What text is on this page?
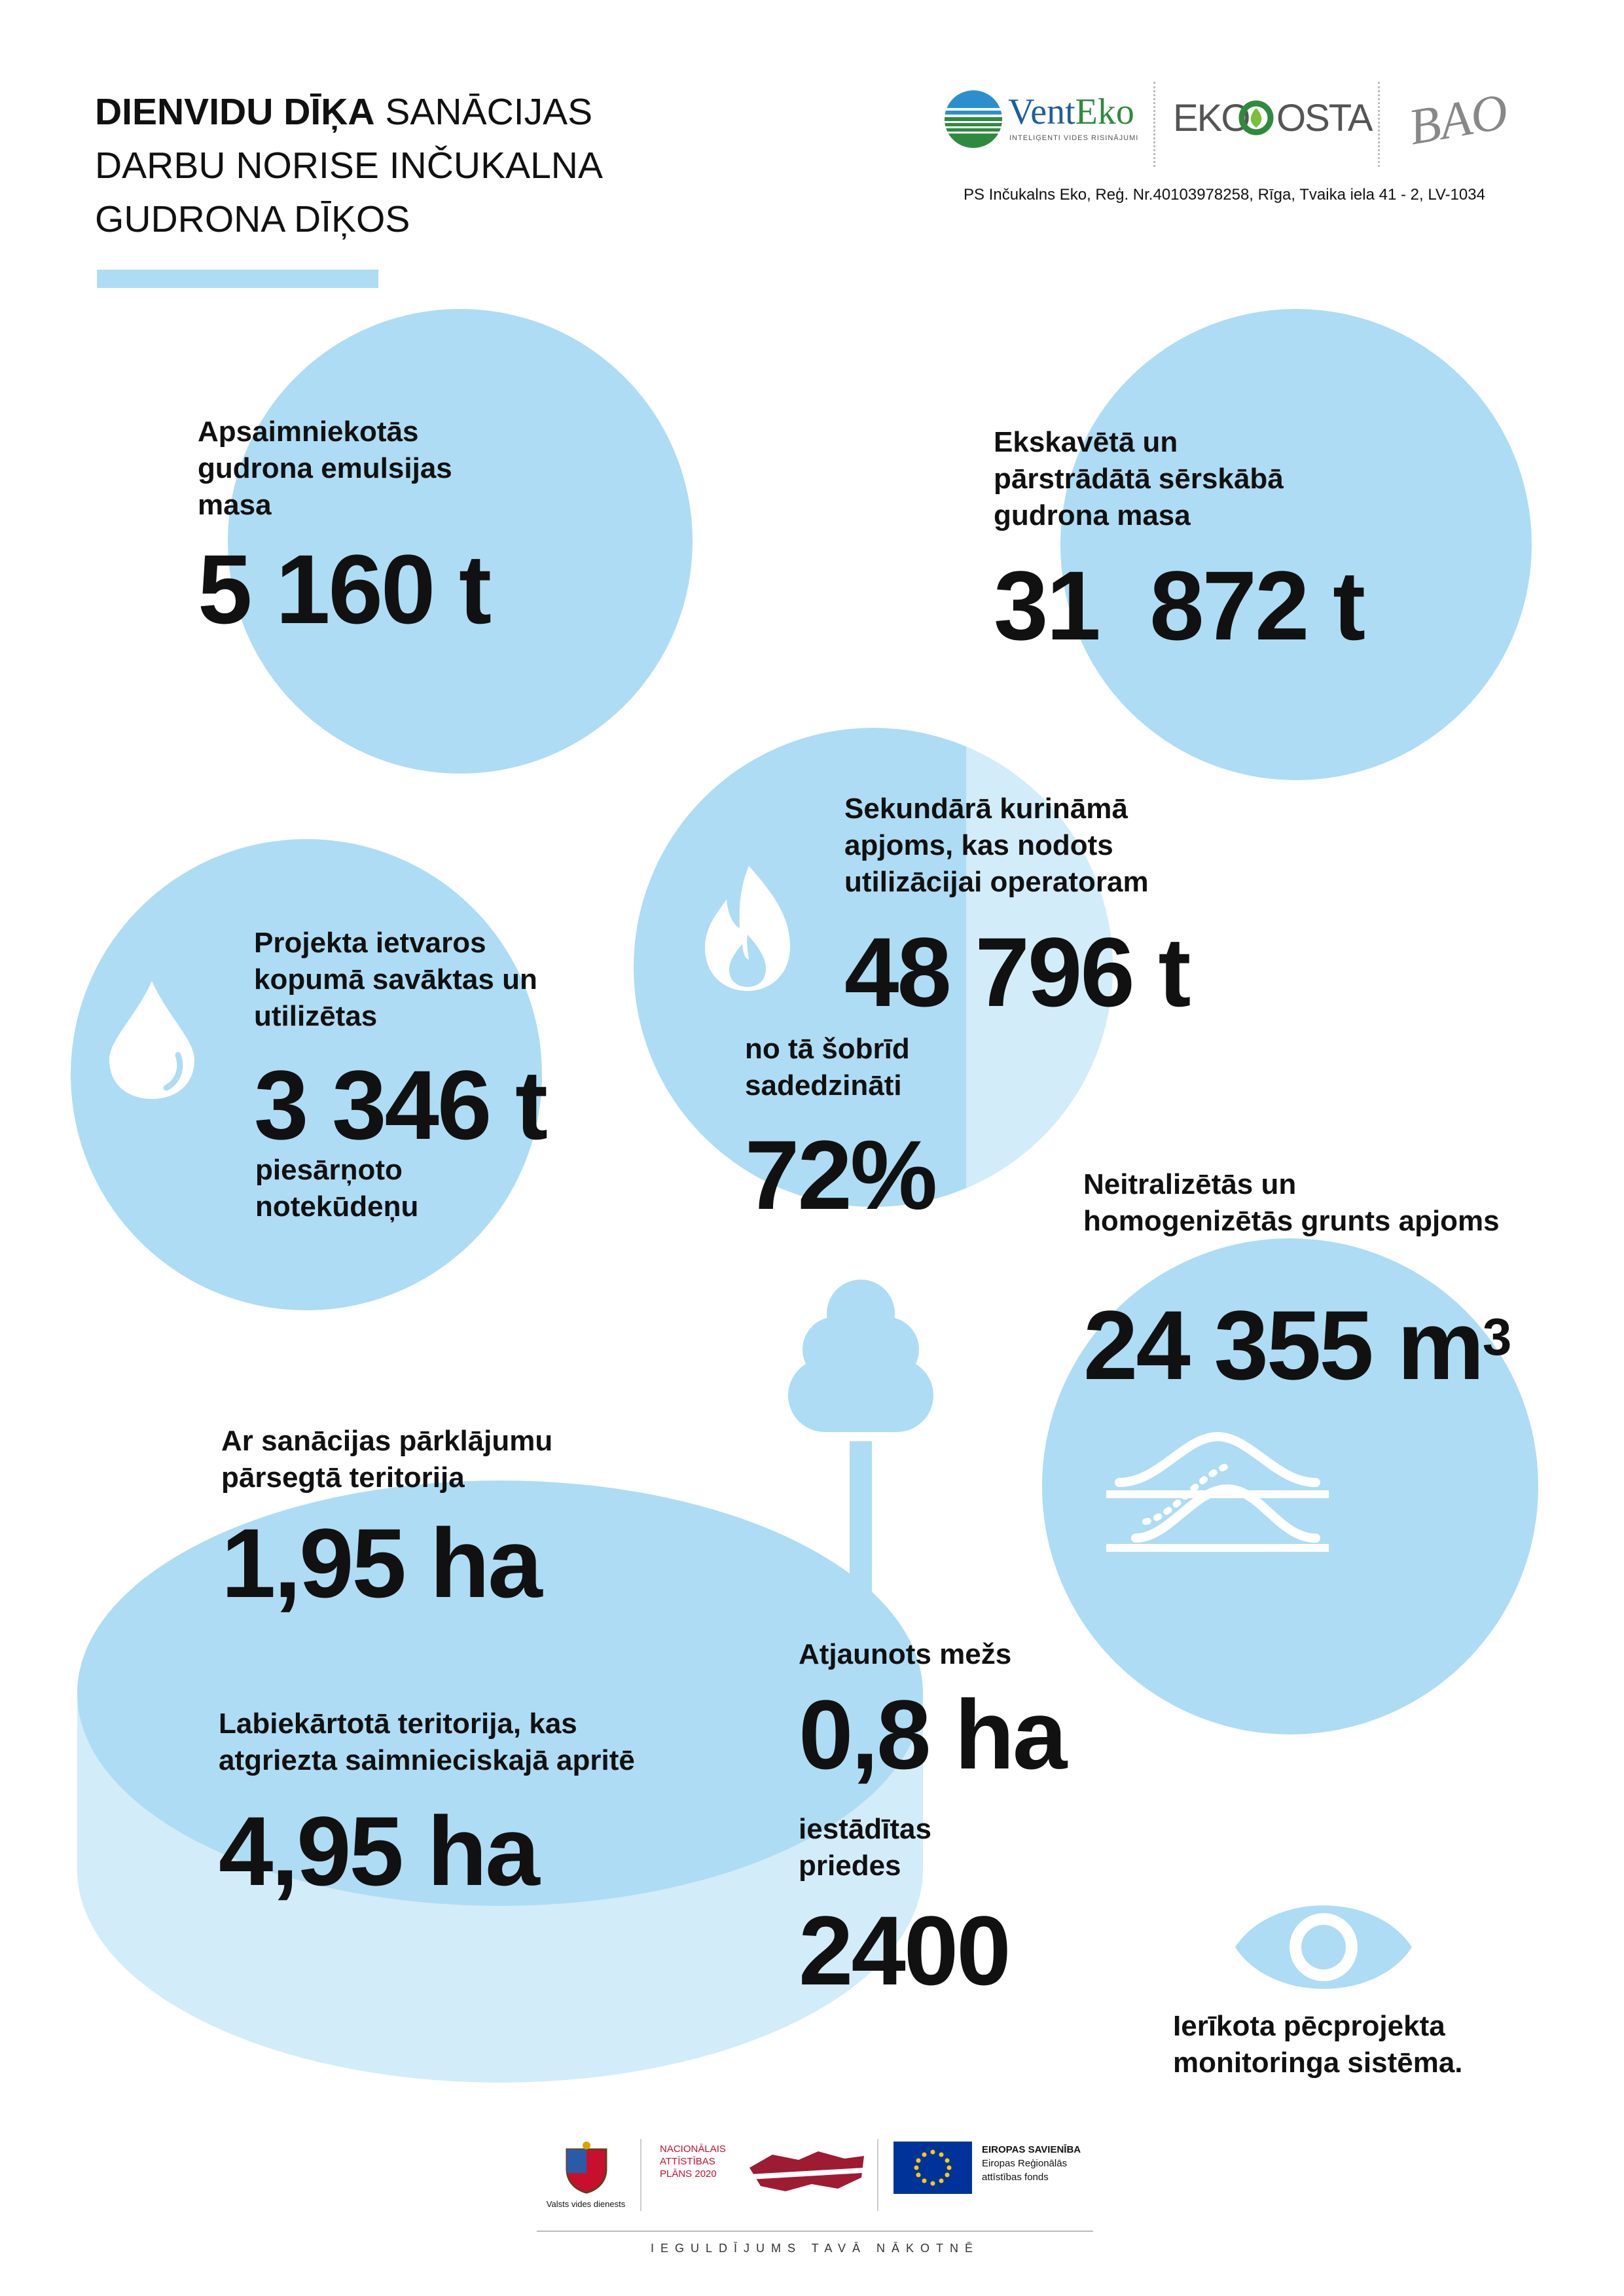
DIENVIDU DĪĶA SANĀCIJAS
DARBU NORISE INČUKALNA
GUDRONA DĪĶOS
VentEko
INTELIĢENTI VIDES RISINĀJUMI EKO OSTA BAO
PS Inčukalns Eko, Reģ. Nr.40103978258, Rīga, Tvaika iela 41 - 2, LV-1034
Apsaimniekotās gudrona emulsijas masa
5 160 t
Ekskavētā un pārstrādātā sērskābā gudrona masa
31  872 t
Sekundārā kurināmā apjoms, kas nodots utilizācijai operatoram
48 796 t
no tā šobrīd sadedzināti
72%
Projekta ietvaros kopumā savāktas un utilizētas
3 346 t
piesārņoto notekūdeņu
Neitralizētās un homogenizētās grunts apjoms
24 355 $m^3$
Ar sanācijas pārklājumu pārsegtā teritorija
1,95 ha
Labiekārtotā teritorija, kas atgriezta saimnieciskajā apritē
4,95 ha
Atjaunots mežs
0,8 ha
iestādītas priedes
2400
Ierīkota pēcprojekta monitoringa sistēma.
Valsts vides dienests
NACIONĀLAIS
ATTĪSTĪBAS
PLĀNS 2020
EIROPAS SAVIENĪBA
Eiropas Reģionālās
attīstības fonds
IEGULDĪJUMS TAVĀ NĀKOTNĒ
